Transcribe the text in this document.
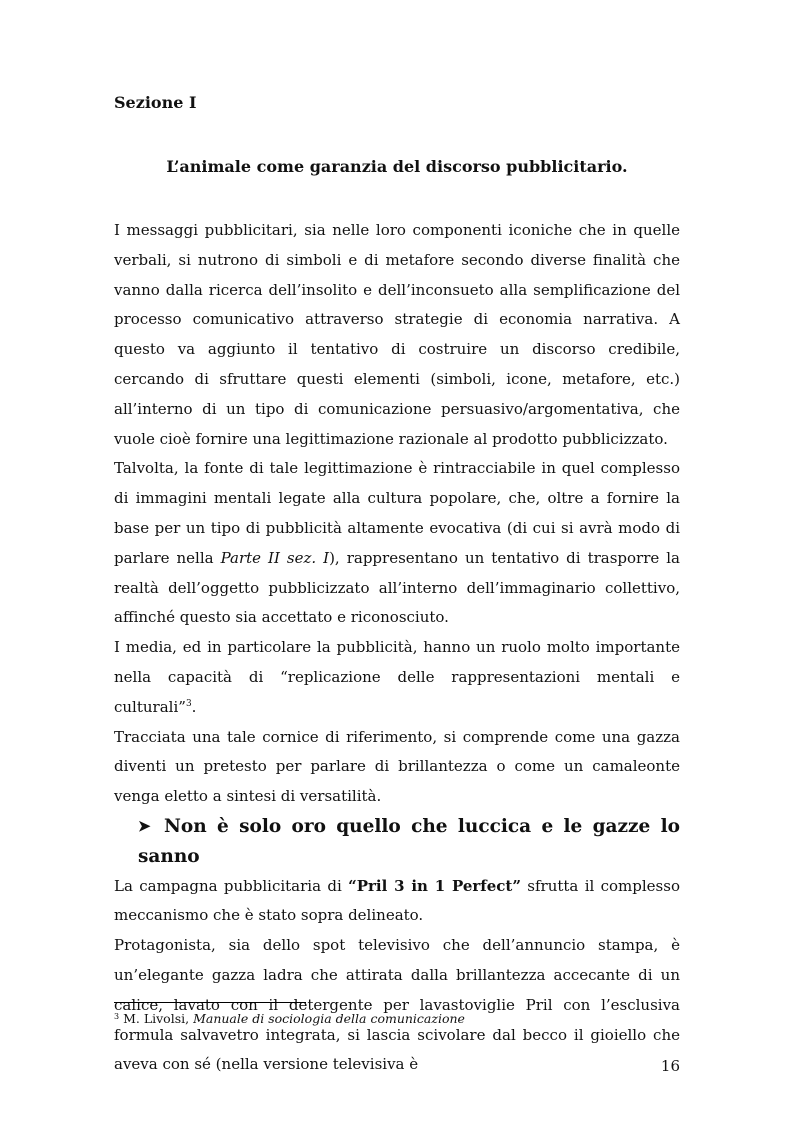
Sezione I

L’animale come garanzia del discorso pubblicitario.

I messaggi pubblicitari, sia nelle loro componenti iconiche che in quelle verbali, si nutrono di simboli e di metafore secondo diverse finalità che vanno dalla ricerca dell’insolito e dell’inconsueto alla semplificazione del processo comunicativo attraverso strategie di economia narrativa. A questo va aggiunto il tentativo di costruire un discorso credibile, cercando di sfruttare questi elementi (simboli, icone, metafore, etc.) all’interno di un tipo di comunicazione persuasivo/argomentativa, che vuole cioè fornire una legittimazione razionale al prodotto pubblicizzato.

Talvolta, la fonte di tale legittimazione è rintracciabile in quel complesso di immagini mentali legate alla cultura popolare, che, oltre a fornire la base per un tipo di pubblicità altamente evocativa (di cui si avrà modo di parlare nella Parte II sez. I), rappresentano un tentativo di trasporre la realtà dell’oggetto pubblicizzato all’interno dell’immaginario collettivo, affinché questo sia accettato e riconosciuto.

I media, ed in particolare la pubblicità, hanno un ruolo molto importante nella capacità di “replicazione delle rappresentazioni mentali e culturali”$^3$.

Tracciata una tale cornice di riferimento, si comprende come una gazza diventi un pretesto per parlare di brillantezza o come un camaleonte venga eletto a sintesi di versatilità.

➤ Non è solo oro quello che luccica e le gazze lo sanno

La campagna pubblicitaria di “Pril 3 in 1 Perfect” sfrutta il complesso meccanismo che è stato sopra delineato.

Protagonista, sia dello spot televisivo che dell’annuncio stampa, è un’elegante gazza ladra che attirata dalla brillantezza accecante di un calice, lavato con il detergente per lavastoviglie Pril con l’esclusiva formula salvavetro integrata, si lascia scivolare dal becco il gioiello che aveva con sé (nella versione televisiva è

$^3$ M. Livolsi, Manuale di sociologia della comunicazione

16
